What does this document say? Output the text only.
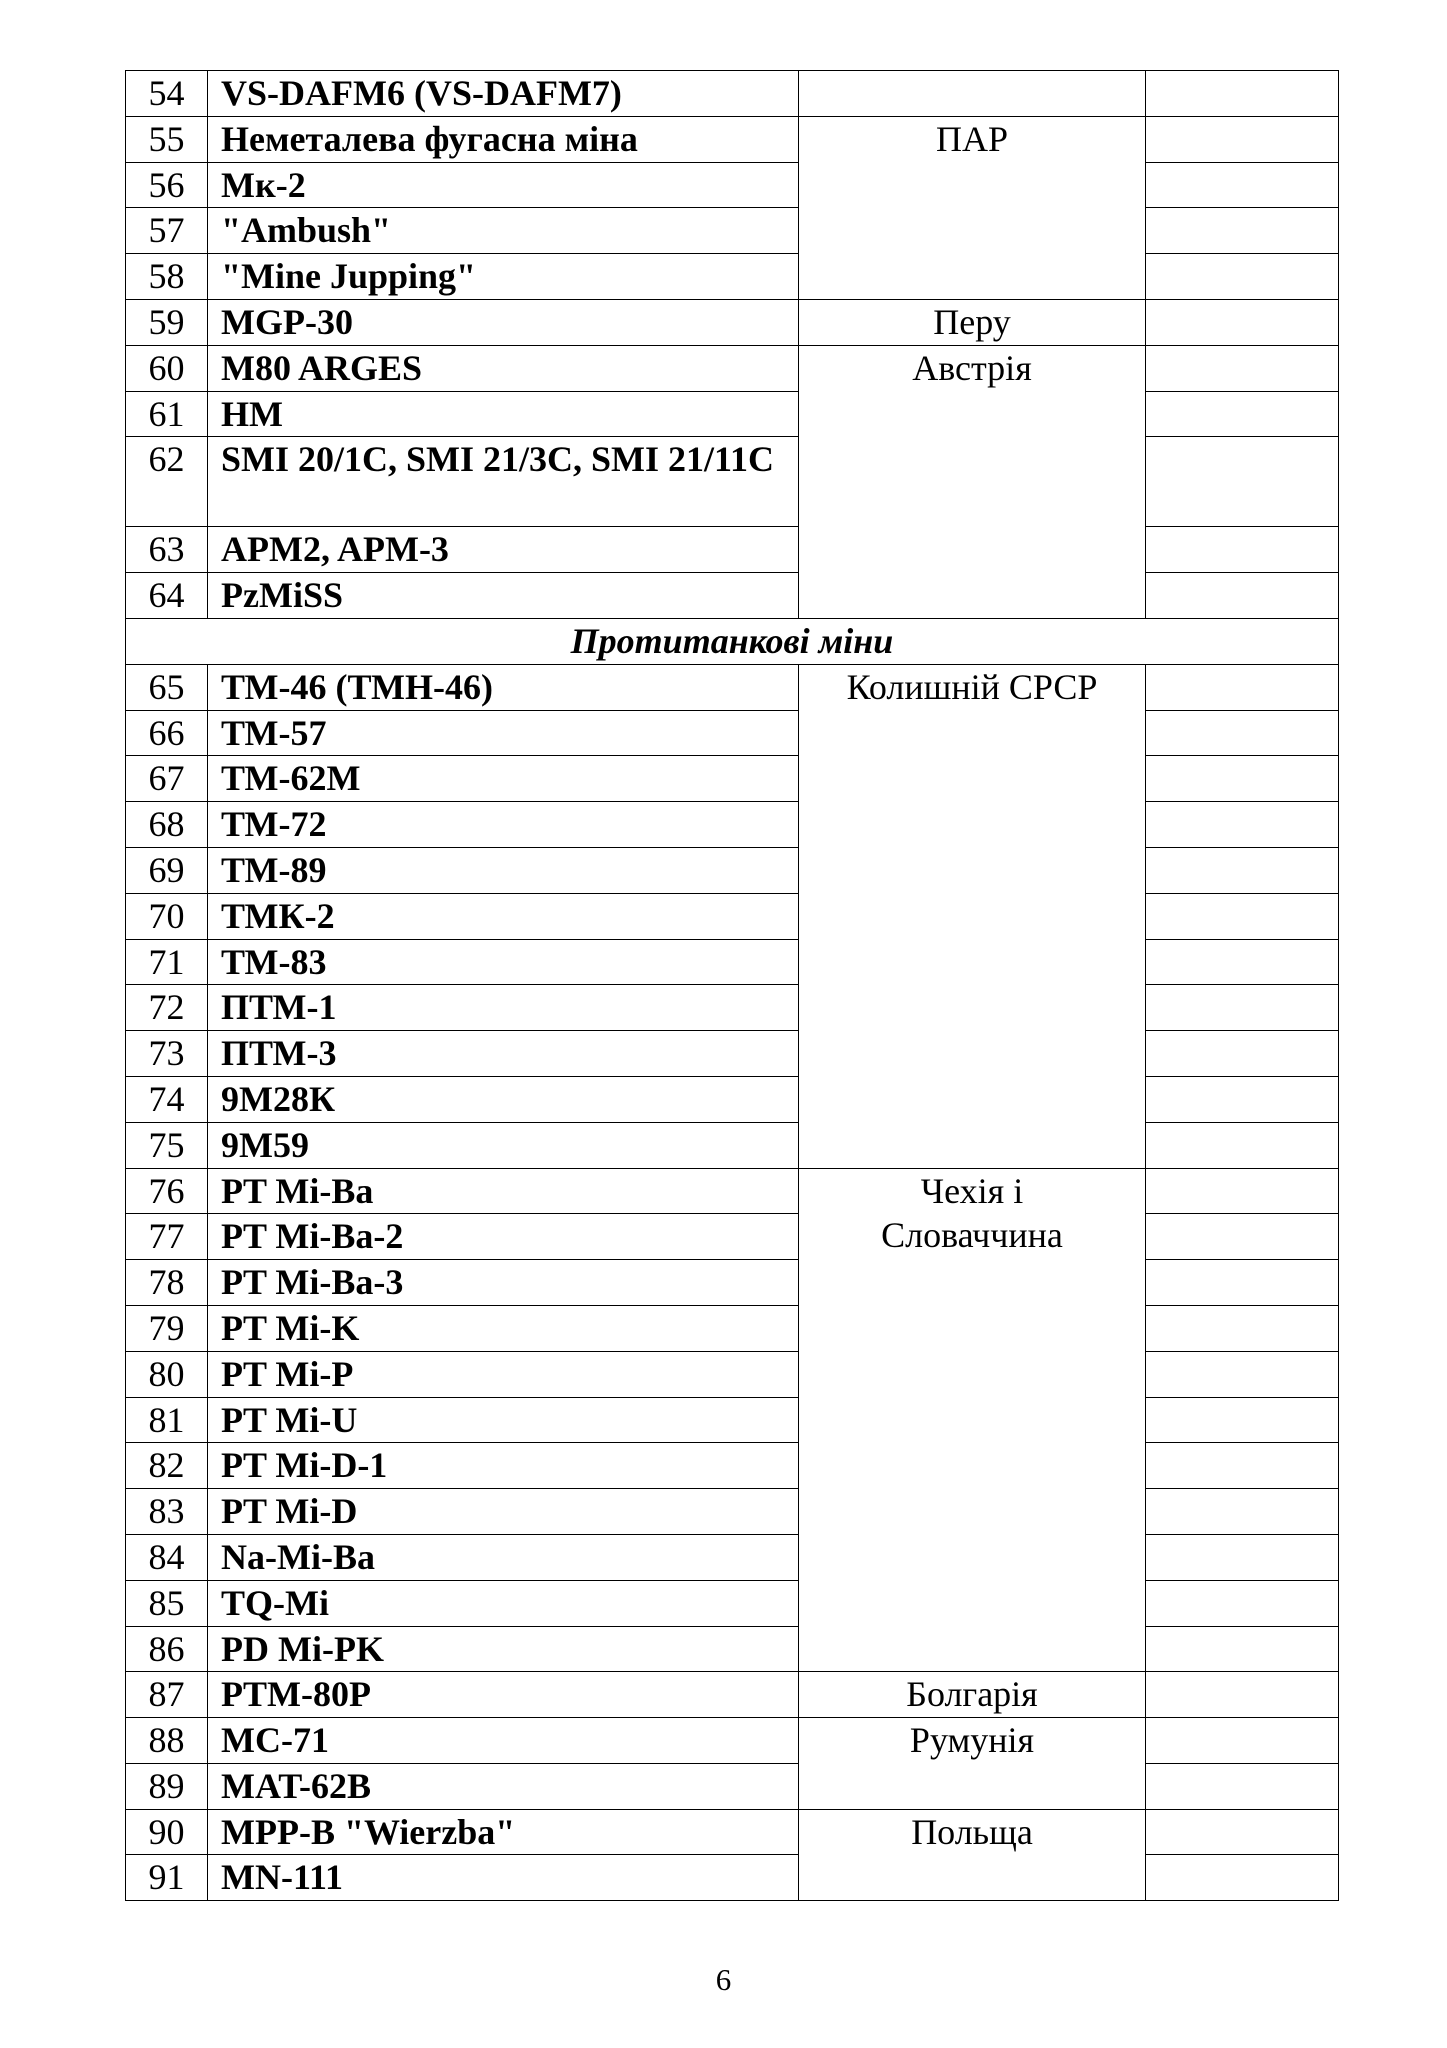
54	VS-DAFM6 (VS-DAFM7)	

55	Неметалева фугасна міна	ПАР	

56	Мк-2		
57	"Ambush"		
58	"Mine Jupping"		
59	MGP-30	Перу	

60	M80 ARGES	Австрія	

61	HM		
62	SMI 20/1C, SMI 21/3C, SMI 21/11C		
63	APM2, APM-3		
64	PzMiSS		
Протитанкові міни			
65	ТМ-46 (ТМН-46)	Колишній СРСР	

66	ТМ-57		
67	ТМ-62М		
68	ТМ-72		
69	ТМ-89		
70	ТМК-2		
71	ТМ-83		
72	ПТМ-1		
73	ПТМ-3		
74	9М28К		
75	9М59		
76	PT Mi-Ba	Чехія і
Словаччина	

77	PT Mi-Ba-2		
78	PT Mi-Ba-3		
79	PT Mi-K		
80	PT Mi-P		
81	PT Mi-U		
82	PT Mi-D-1		
83	PT Mi-D		
84	Na-Mi-Ba		
85	TQ-Mi		
86	PD Mi-PK		
87	PTM-80P	Болгарія	

88	MC-71	Румунія	

89	MAT-62B		
90	MPP-B "Wierzba"	Польща	

91	MN-111		
6
